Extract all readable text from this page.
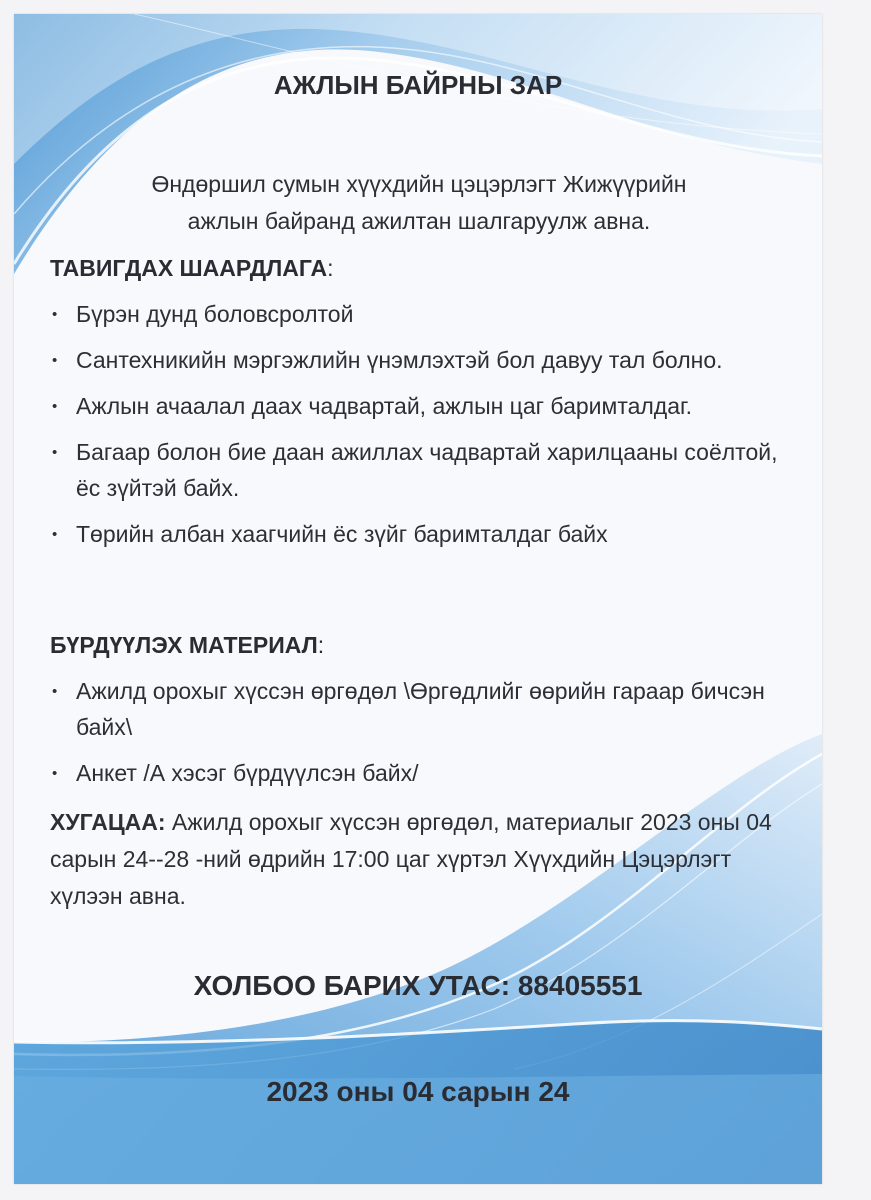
АЖЛЫН БАЙРНЫ ЗАР
Өндөршил сумын хүүхдийн цэцэрлэгт Жижүүрийн
ажлын байранд ажилтан шалгаруулж авна.
ТАВИГДАХ ШААРДЛАГА:
• Бүрэн дунд боловсролтой
• Сантехникийн мэргэжлийн үнэмлэхтэй бол давуу тал болно.
• Ажлын ачаалал даах чадвартай, ажлын цаг баримталдаг.
• Багаар болон бие даан ажиллах чадвартай харилцааны соёлтой, ёс зүйтэй байх.
• Төрийн албан хаагчийн ёс зүйг баримталдаг байх
БҮРДҮҮЛЭХ МАТЕРИАЛ:
• Ажилд орохыг хүссэн өргөдөл \Өргөдлийг өөрийн гараар бичсэн байх\
• Анкет /А хэсэг бүрдүүлсэн байх/
ХУГАЦАА: Ажилд орохыг хүссэн өргөдөл, материалыг 2023 оны 04 сарын 24--28 -ний өдрийн 17:00 цаг хүртэл Хүүхдийн Цэцэрлэгт хүлээн авна.
ХОЛБОО БАРИХ УТАС: 88405551
2023 оны 04 сарын 24
